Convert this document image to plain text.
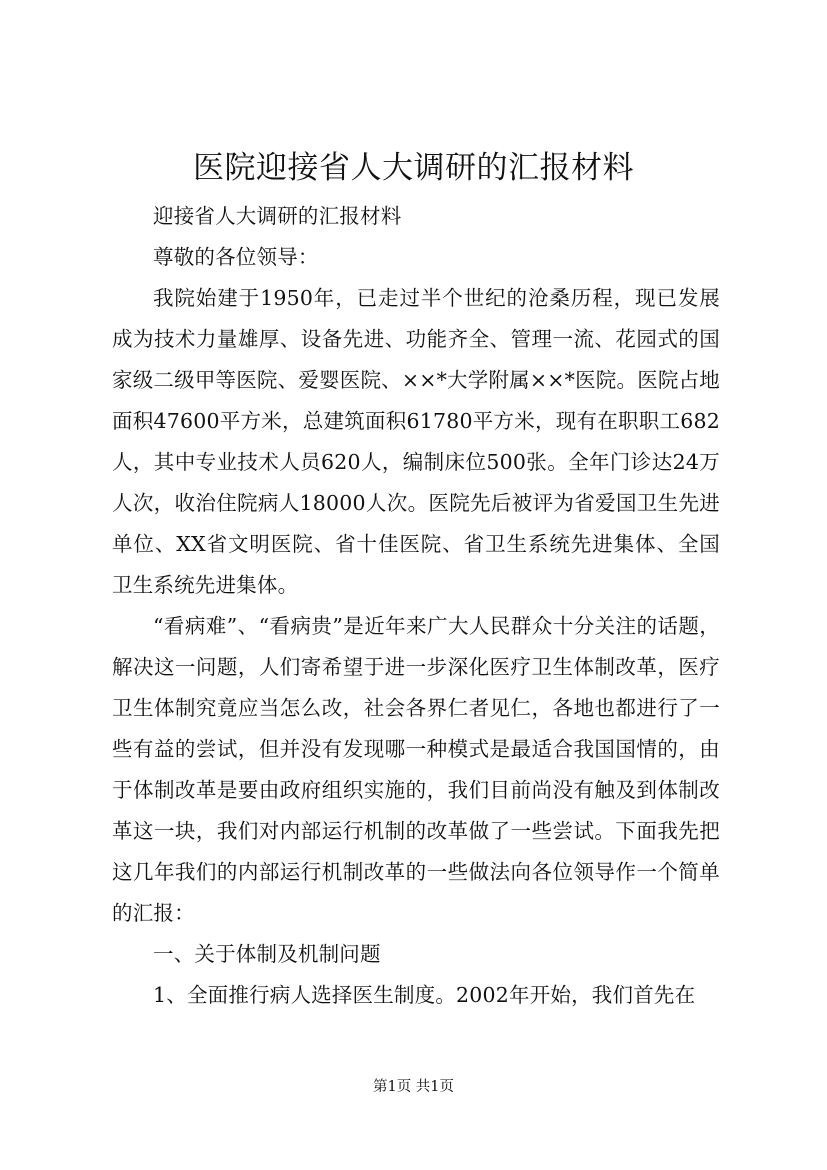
医院迎接省人大调研的汇报材料

迎接省人大调研的汇报材料

尊敬的各位领导：

我院始建于1950年，已走过半个世纪的沧桑历程，现已发展成为技术力量雄厚、设备先进、功能齐全、管理一流、花园式的国家级二级甲等医院、爱婴医院、××*大学附属××*医院。医院占地面积47600平方米，总建筑面积61780平方米，现有在职职工682人，其中专业技术人员620人，编制床位500张。全年门诊达24万人次，收治住院病人18000人次。医院先后被评为省爱国卫生先进单位、XX省文明医院、省十佳医院、省卫生系统先进集体、全国卫生系统先进集体。

“看病难”、“看病贵”是近年来广大人民群众十分关注的话题，解决这一问题，人们寄希望于进一步深化医疗卫生体制改革，医疗卫生体制究竟应当怎么改，社会各界仁者见仁，各地也都进行了一些有益的尝试，但并没有发现哪一种模式是最适合我国国情的，由于体制改革是要由政府组织实施的，我们目前尚没有触及到体制改革这一块，我们对内部运行机制的改革做了一些尝试。下面我先把这几年我们的内部运行机制改革的一些做法向各位领导作一个简单的汇报：

一、关于体制及机制问题

1、全面推行病人选择医生制度。2002年开始，我们首先在

第1页 共1页
